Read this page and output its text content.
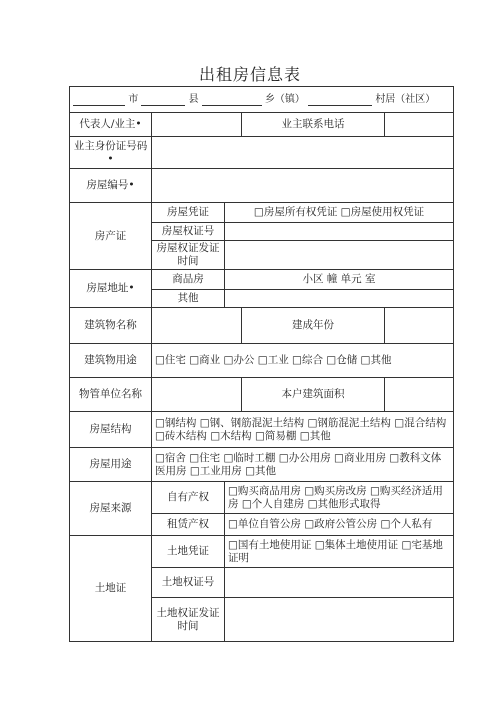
出租房信息表
市 县 乡（镇） 村居（社区）				
代表人/业主•			业主联系电话	
业主身份证号码•				
房屋编号•				
房产证	房屋凭证	□房屋所有权凭证 □房屋使用权凭证		
	房屋权证号			
	房屋权证发证时间			
房屋地址•	商品房	小区 幢 单元 室		
	其他			
建筑物名称			建成年份	
建筑物用途	□住宅 □商业 □办公 □工业 □综合 □仓储 □其他			
物管单位名称			本户建筑面积	
房屋结构	□钢结构 □钢、钢筋混泥土结构 □钢筋混泥土结构 □混合结构 □砖木结构 □木结构 □简易棚 □其他			
房屋用途	□宿舍 □住宅 □临时工棚 □办公用房 □商业用房 □教科文体医用房 □工业用房 □其他			
房屋来源	自有产权	□购买商品用房 □购买房改房 □购买经济适用房 □个人自建房 □其他形式取得		
	租赁产权	□单位自管公房 □政府公管公房 □个人私有		
土地证	土地凭证	□国有土地使用证 □集体土地使用证 □宅基地证明		
	土地权证号			
	土地权证发证时间			
